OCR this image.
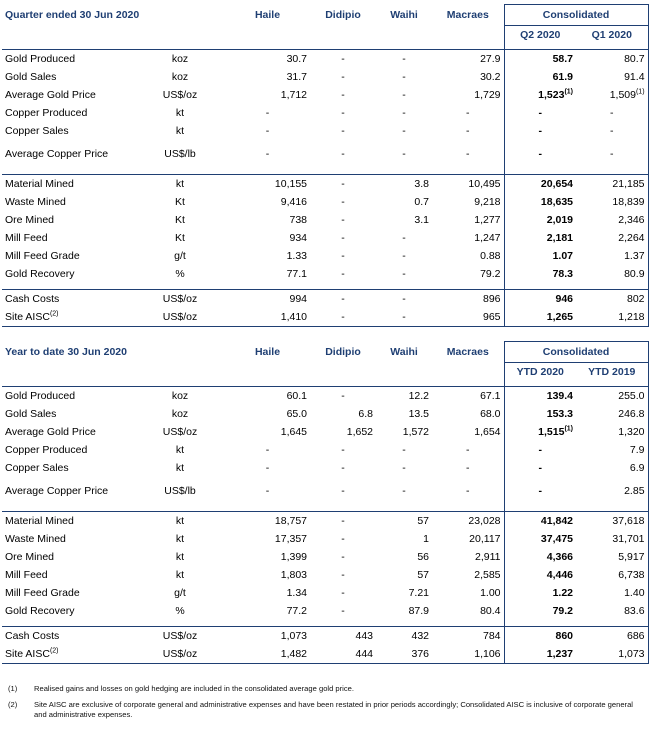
Quarter ended 30 Jun 2020		Haile	Didipio	Waihi	Macraes	Consolidated	
						Q2 2020	Q1 2020

Gold Produced	koz	30.7	-	-	27.9	58.7	80.7
Gold Sales	koz	31.7	-	-	30.2	61.9	91.4
Average Gold Price	US$/oz	1,712	-	-	1,729	1,523$^{(1)}$	1,509$^{(1)}$
Copper Produced	kt	-	-	-	-	-	-
Copper Sales	kt	-	-	-	-	-	-
Average Copper Price	US$/lb	-	-	-	-	-	-

Material Mined	kt	10,155	-	3.8	10,495	20,654	21,185
Waste Mined	Kt	9,416	-	0.7	9,218	18,635	18,839
Ore Mined	Kt	738	-	3.1	1,277	2,019	2,346
Mill Feed	Kt	934	-	-	1,247	2,181	2,264
Mill Feed Grade	g/t	1.33	-	-	0.88	1.07	1.37
Gold Recovery	%	77.1	-	-	79.2	78.3	80.9

Cash Costs	US$/oz	994	-	-	896	946	802
Site AISC$^{(2)}$	US$/oz	1,410	-	-	965	1,265	1,218
Year to date 30 Jun 2020		Haile	Didipio	Waihi	Macraes	Consolidated	
						YTD 2020	YTD 2019

Gold Produced	koz	60.1	-	12.2	67.1	139.4	255.0
Gold Sales	koz	65.0	6.8	13.5	68.0	153.3	246.8
Average Gold Price	US$/oz	1,645	1,652	1,572	1,654	1,515$^{(1)}$	1,320
Copper Produced	kt	-	-	-	-	-	7.9
Copper Sales	kt	-	-	-	-	-	6.9
Average Copper Price	US$/lb	-	-	-	-	-	2.85

Material Mined	kt	18,757	-	57	23,028	41,842	37,618
Waste Mined	kt	17,357	-	1	20,117	37,475	31,701
Ore Mined	kt	1,399	-	56	2,911	4,366	5,917
Mill Feed	kt	1,803	-	57	2,585	4,446	6,738
Mill Feed Grade	g/t	1.34	-	7.21	1.00	1.22	1.40
Gold Recovery	%	77.2	-	87.9	80.4	79.2	83.6

Cash Costs	US$/oz	1,073	443	432	784	860	686
Site AISC$^{(2)}$	US$/oz	1,482	444	376	1,106	1,237	1,073
(1)	Realised gains and losses on gold hedging are included in the consolidated average gold price.
(2)	Site AISC are exclusive of corporate general and administrative expenses and have been restated in prior periods accordingly; Consolidated AISC is inclusive of corporate general and administrative expenses.
